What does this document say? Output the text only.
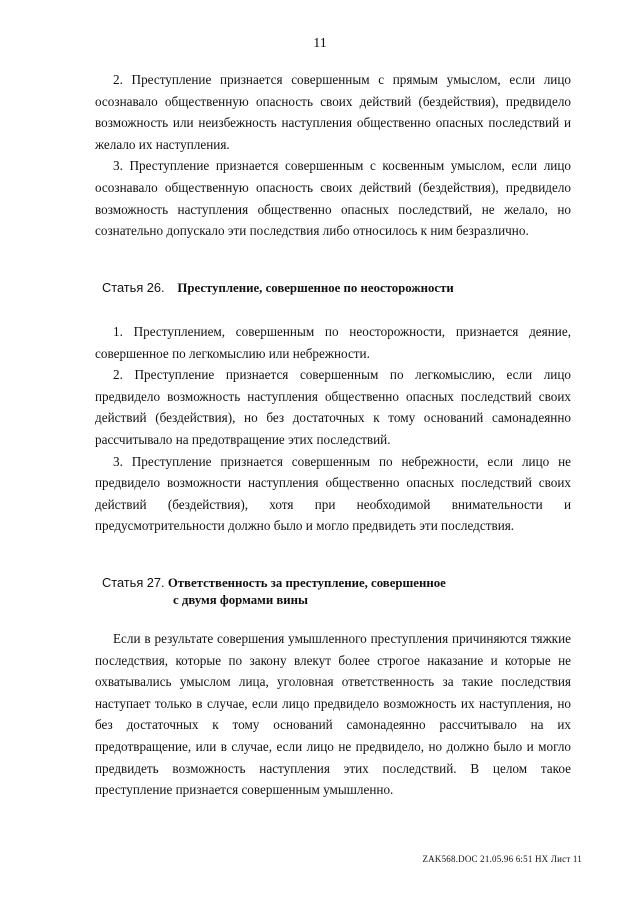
11

2. Преступление признается совершенным с прямым умыслом, если лицо осознавало общественную опасность своих действий (бездействия), предвидело возможность или неизбежность наступления общественно опасных последствий и желало их наступления.

3. Преступление признается совершенным с косвенным умыслом, если лицо осознавало общественную опасность своих действий (бездействия), предвидело возможность наступления общественно опасных последствий, не желало, но сознательно допускало эти последствия либо относилось к ним безразлично.

Статья 26. Преступление, совершенное по неосторожности

1. Преступлением, совершенным по неосторожности, признается деяние, совершенное по легкомыслию или небрежности.

2. Преступление признается совершенным по легкомыслию, если лицо предвидело возможность наступления общественно опасных последствий своих действий (бездействия), но без достаточных к тому оснований самонадеянно рассчитывало на предотвращение этих последствий.

3. Преступление признается совершенным по небрежности, если лицо не предвидело возможности наступления общественно опасных последствий своих действий (бездействия), хотя при необходимой внимательности и предусмотрительности должно было и могло предвидеть эти последствия.

Статья 27. Ответственность за преступление, совершенное
с двумя формами вины

Если в результате совершения умышленного преступления причиняются тяжкие последствия, которые по закону влекут более строгое наказание и которые не охватывались умыслом лица, уголовная ответственность за такие последствия наступает только в случае, если лицо предвидело возможность их наступления, но без достаточных к тому оснований самонадеянно рассчитывало на их предотвращение, или в случае, если лицо не предвидело, но должно было и могло предвидеть возможность наступления этих последствий. В целом такое преступление признается совершенным умышленно.

ZAK568.DOC 21.05.96 6:51 НХ Лист 11
